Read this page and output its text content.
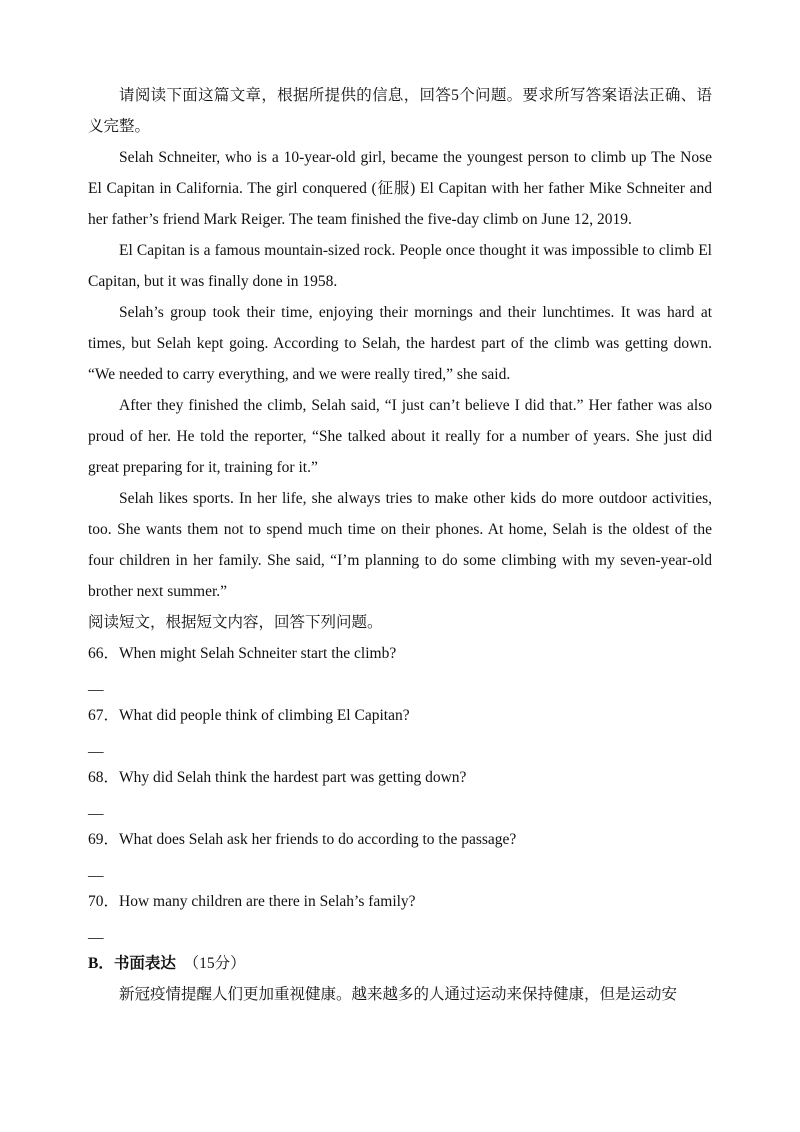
请阅读下面这篇文章，根据所提供的信息，回答5个问题。要求所写答案语法正确、语义完整。

Selah Schneiter, who is a 10-year-old girl, became the youngest person to climb up The Nose El Capitan in California. The girl conquered (征服) El Capitan with her father Mike Schneiter and her father’s friend Mark Reiger. The team finished the five-day climb on June 12, 2019.

El Capitan is a famous mountain-sized rock. People once thought it was impossible to climb El Capitan, but it was finally done in 1958.

Selah’s group took their time, enjoying their mornings and their lunchtimes. It was hard at times, but Selah kept going. According to Selah, the hardest part of the climb was getting down. “We needed to carry everything, and we were really tired,” she said.

After they finished the climb, Selah said, “I just can’t believe I did that.” Her father was also proud of her. He told the reporter, “She talked about it really for a number of years. She just did great preparing for it, training for it.”

Selah likes sports. In her life, she always tries to make other kids do more outdoor activities, too. She wants them not to spend much time on their phones. At home, Selah is the oldest of the four children in her family. She said, “I’m planning to do some climbing with my seven-year-old brother next summer.”

阅读短文，根据短文内容，回答下列问题。

66．When might Selah Schneiter start the climb?

__

67．What did people think of climbing El Capitan?

__

68．Why did Selah think the hardest part was getting down?

__

69．What does Selah ask her friends to do according to the passage?

__

70．How many children are there in Selah’s family?

__

B．书面表达 （15分）

新冠疫情提醒人们更加重视健康。越来越多的人通过运动来保持健康，但是运动安
